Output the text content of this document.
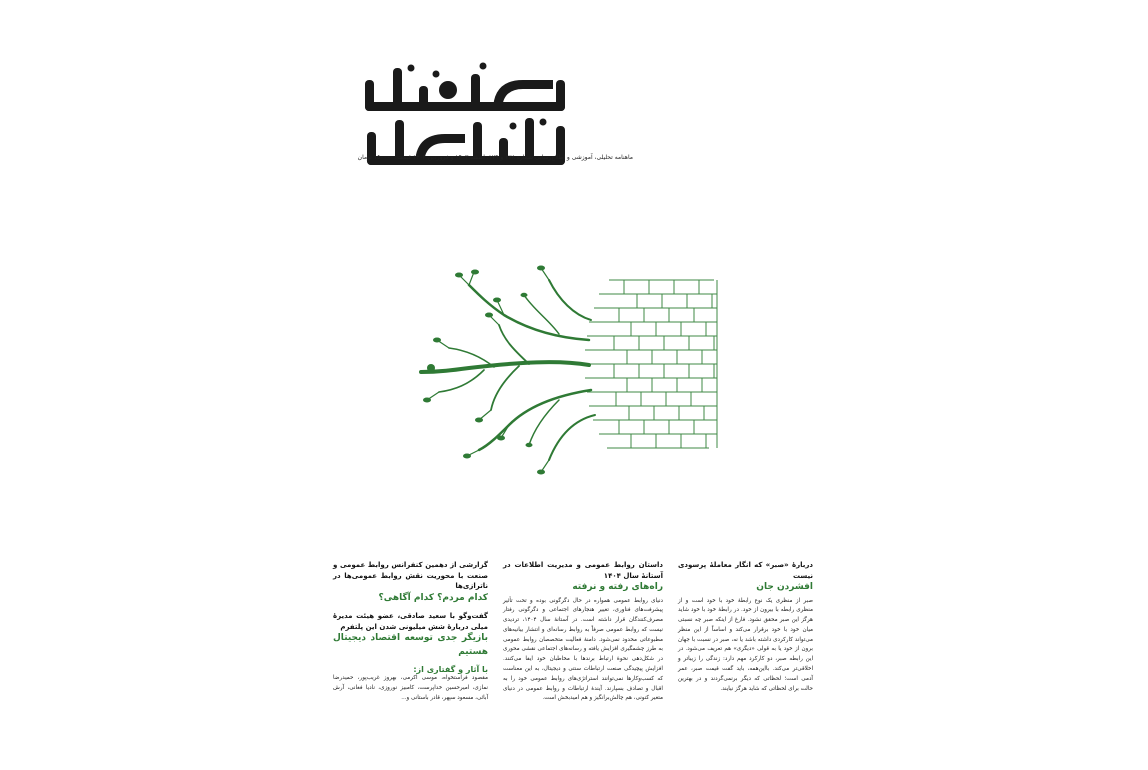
ماهنامه تحلیلی، آموزشی و اطلاع‌رسانی شماره ۱۷۸ و ۱۷۹، اسفند ۱۴۰۳ و فروردین ۱۴۰۴ قیمت: ۱۵۰۰۰۰ تومان
دربارهٔ «صبر» که انگار معاملهٔ پرسودی نیست
افشردن جان
صبر از منظری یک نوع رابطهٔ خود با خود است و از منظری رابطه با بیرون از خود. در رابطهٔ خود با خود شاید هرگز این صبر محقق نشود. فارغ از اینکه صبر چه نسبتی میان خود با خود برقرار می‌کند و اساساً از این منظر می‌تواند کارکردی داشته باشد یا نه، صبر در نسبت با جهان برون از خود یا به قولی «دیگری» هم تعریف می‌شود. در این رابطه صبر، دو کارکرد مهم دارد: زندگی را زیباتر و اخلاقی‌تر می‌کند. با‌این‌همه، باید گفت قیمت صبر، عمر آدمی است؛ لحظاتی که دیگر برنمی‌گردند و در بهترین حالت برای لحظاتی که شاید هرگز نیایند.
داستان روابط عمومی و مدیریت اطلاعات در آستانهٔ سال ۱۴۰۴
راه‌های رفته و نرفته
دنیای روابط عمومی همواره در حال دگرگونی بوده و تحت تأثیر پیشرفت‌های فناوری، تغییر هنجارهای اجتماعی و دگرگونی رفتار مصرف‌کنندگان قرار داشته است. در آستانهٔ سال ۱۴۰۴، تردیدی نیست که روابط عمومی صرفاً به روابط رسانه‌ای و انتشار بیانیه‌های مطبوعاتی محدود نمی‌شود. دامنهٔ فعالیت متخصصان روابط عمومی به طرز چشمگیری افزایش یافته و رسانه‌های اجتماعی نقشی محوری در شکل‌دهی نحوهٔ ارتباط برندها با مخاطبان خود ایفا می‌کنند. افزایش پیچیدگی صنعت ارتباطات سنتی و دیجیتال، به این معناست که کسب‌وکارها نمی‌توانند استراتژی‌های روابط عمومی خود را به اقبال و تصادف بسپارند. آیندهٔ ارتباطات و روابط عمومی در دنیای متغیر کنونی، هم چالش‌برانگیز و هم امیدبخش است.
گزارشی از دهمین کنفرانس روابط عمومی و صنعت با محوریت نقش روابط عمومی‌ها در ناترازی‌ها
کدام مردم؟ کدام آگاهی؟
گفت‌وگو با سعید صادقی، عضو هیئت مدیرهٔ میلی دربارهٔ شش میلیونی شدن این پلتفرم
بازیگر جدی توسعه اقتصاد دیجیتال هستیم
با آثار و گفتاری از:
مقصود فراستخواه، موسی اکرمی، بهروز غریب‌پور، حمیدرضا نمازی، امیرحسین خداپرست، کامبیز نوروزی، نادیا فغانی، آرش آبائی، مسعود سپهر، قادر باستانی و...
